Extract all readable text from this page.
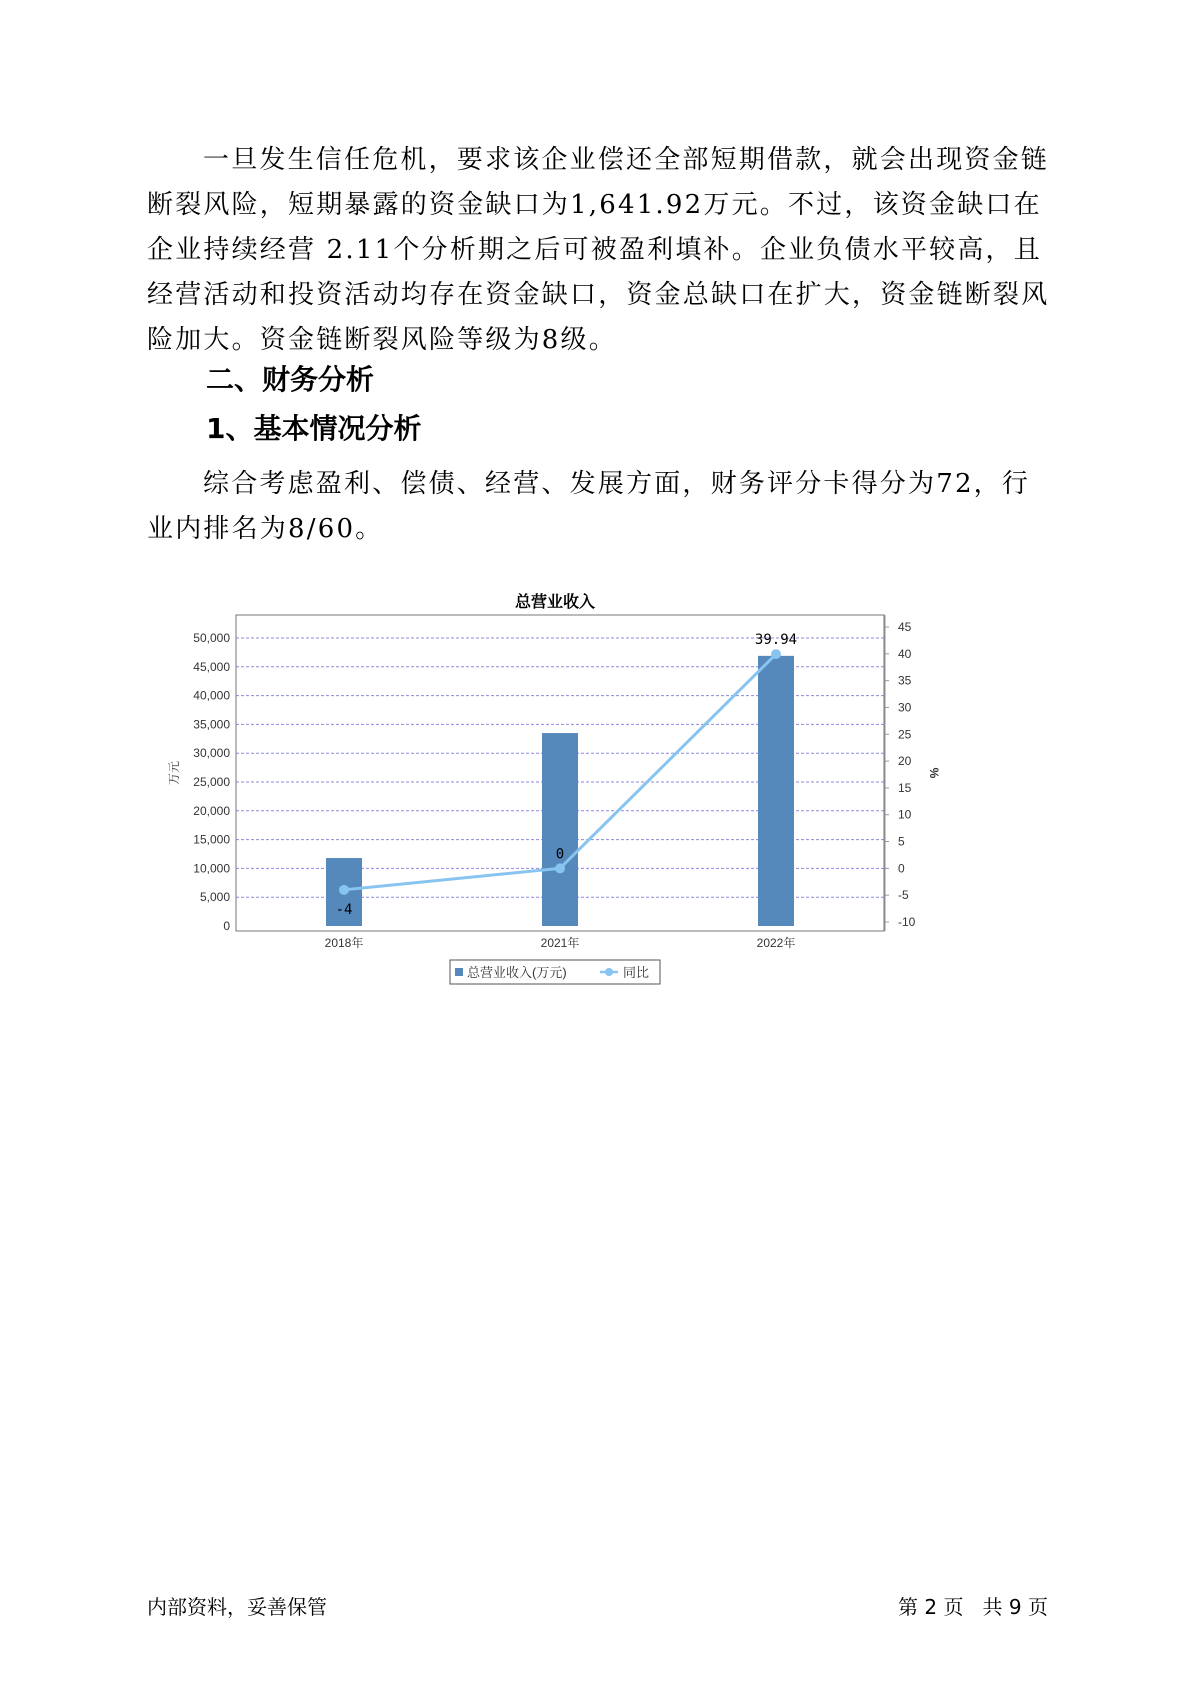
一旦发生信任危机，要求该企业偿还全部短期借款，就会出现资金链断裂风险，短期暴露的资金缺口为1,641.92万元。不过，该资金缺口在企业持续经营 2.11个分析期之后可被盈利填补。企业负债水平较高，且经营活动和投资活动均存在资金缺口，资金总缺口在扩大，资金链断裂风险加大。资金链断裂风险等级为8级。

二、财务分析
1、基本情况分析

综合考虑盈利、偿债、经营、发展方面，财务评分卡得分为72，行业内排名为8/60。

总营业收入
0
5,000
10,000
15,000
20,000
25,000
30,000
35,000
40,000
45,000
50,000
-10
-5
0
5
10
15
20
25
30
35
40
45
-4
0
39.94
2018年	2021年	2022年
万元	%
总营业收入(万元)	同比
内部资料，妥善保管	第 2 页   共 9 页
